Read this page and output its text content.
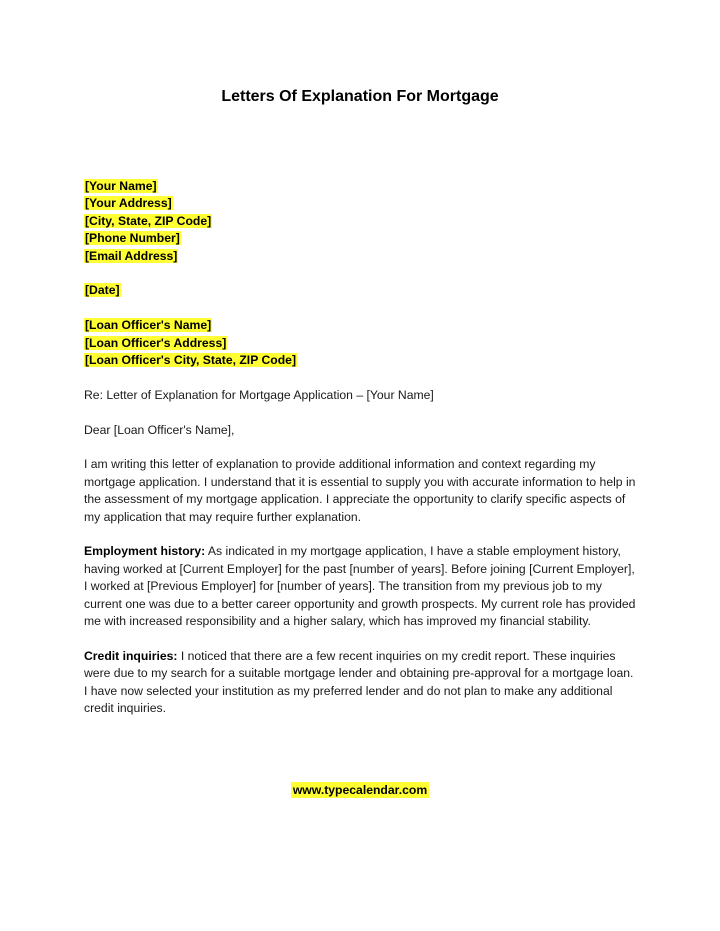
Letters Of Explanation For Mortgage
[Your Name]
[Your Address]
[City, State, ZIP Code]
[Phone Number]
[Email Address]
[Date]
[Loan Officer's Name]
[Loan Officer's Address]
[Loan Officer's City, State, ZIP Code]

Re: Letter of Explanation for Mortgage Application – [Your Name]

Dear [Loan Officer's Name],

I am writing this letter of explanation to provide additional information and context regarding my mortgage application. I understand that it is essential to supply you with accurate information to help in the assessment of my mortgage application. I appreciate the opportunity to clarify specific aspects of my application that may require further explanation.

Employment history: As indicated in my mortgage application, I have a stable employment history, having worked at [Current Employer] for the past [number of years]. Before joining [Current Employer], I worked at [Previous Employer] for [number of years]. The transition from my previous job to my current one was due to a better career opportunity and growth prospects. My current role has provided me with increased responsibility and a higher salary, which has improved my financial stability.

Credit inquiries: I noticed that there are a few recent inquiries on my credit report. These inquiries were due to my search for a suitable mortgage lender and obtaining pre-approval for a mortgage loan. I have now selected your institution as my preferred lender and do not plan to make any additional credit inquiries.

www.typecalendar.com
